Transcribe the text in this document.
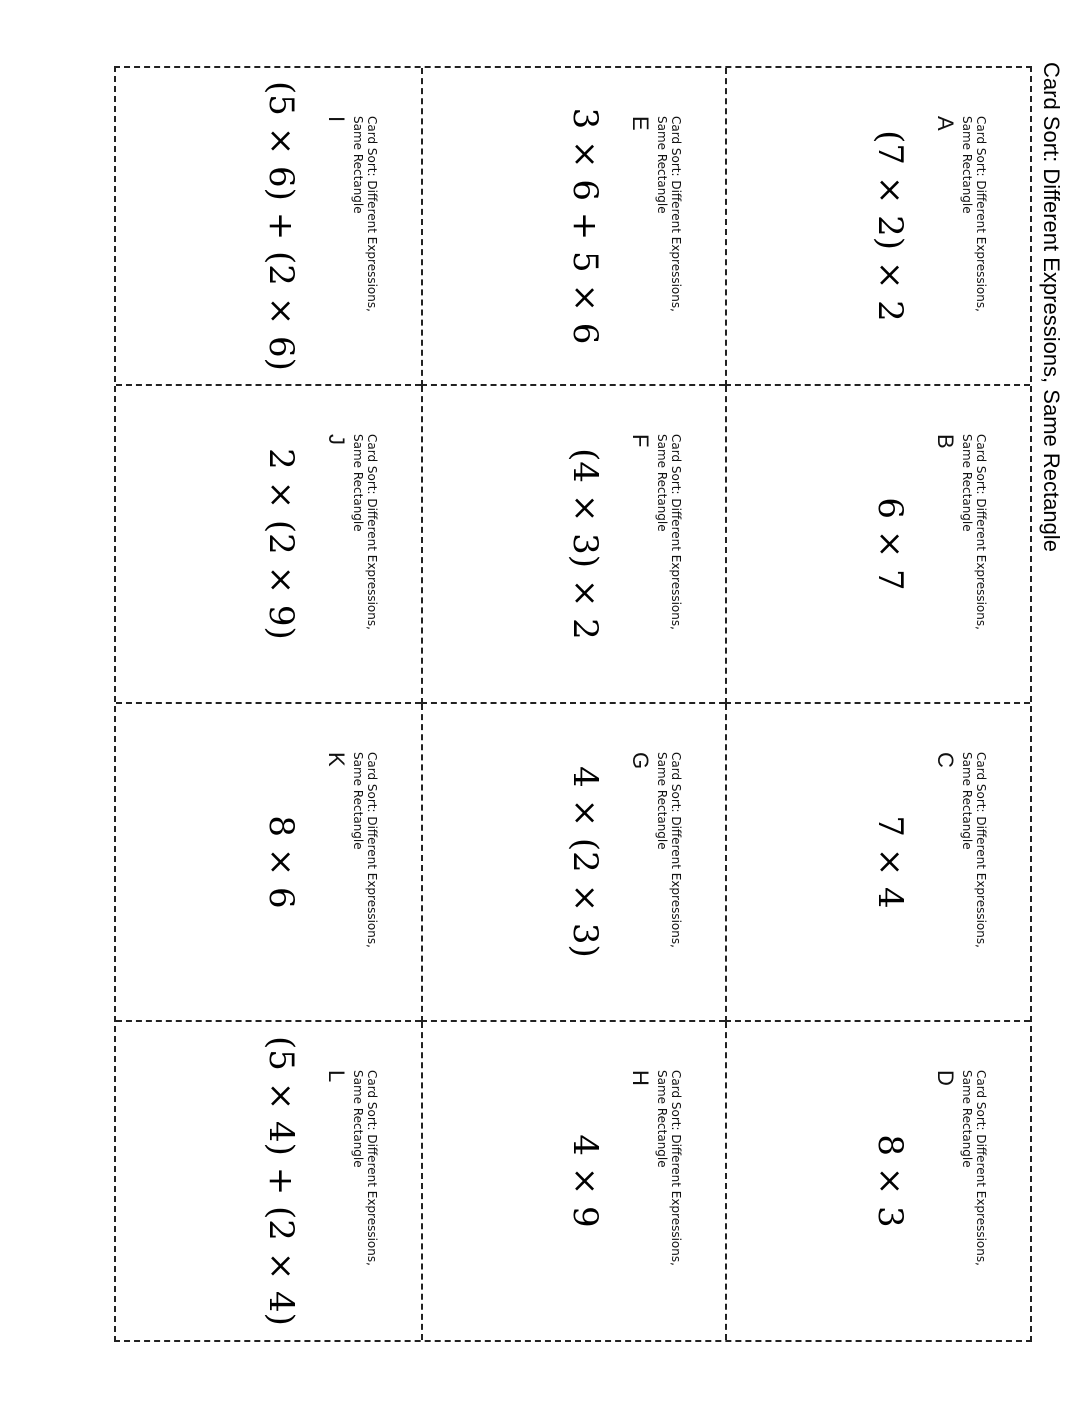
Card Sort: Different Expressions, Same Rectangle
Card Sort: Different Expressions, Same Rectangle
A
(7 × 2) × 2
Card Sort: Different Expressions, Same Rectangle
B
6 × 7
Card Sort: Different Expressions, Same Rectangle
C
7 × 4
Card Sort: Different Expressions, Same Rectangle
D
8 × 3
Card Sort: Different Expressions, Same Rectangle
E
3 × 6 + 5 × 6
Card Sort: Different Expressions, Same Rectangle
F
(4 × 3) × 2
Card Sort: Different Expressions, Same Rectangle
G
4 × (2 × 3)
Card Sort: Different Expressions, Same Rectangle
H
4 × 9
Card Sort: Different Expressions, Same Rectangle
I
(5 × 6) + (2 × 6)
Card Sort: Different Expressions, Same Rectangle
J
2 × (2 × 9)
Card Sort: Different Expressions, Same Rectangle
K
8 × 6
Card Sort: Different Expressions, Same Rectangle
L
(5 × 4) + (2 × 4)
